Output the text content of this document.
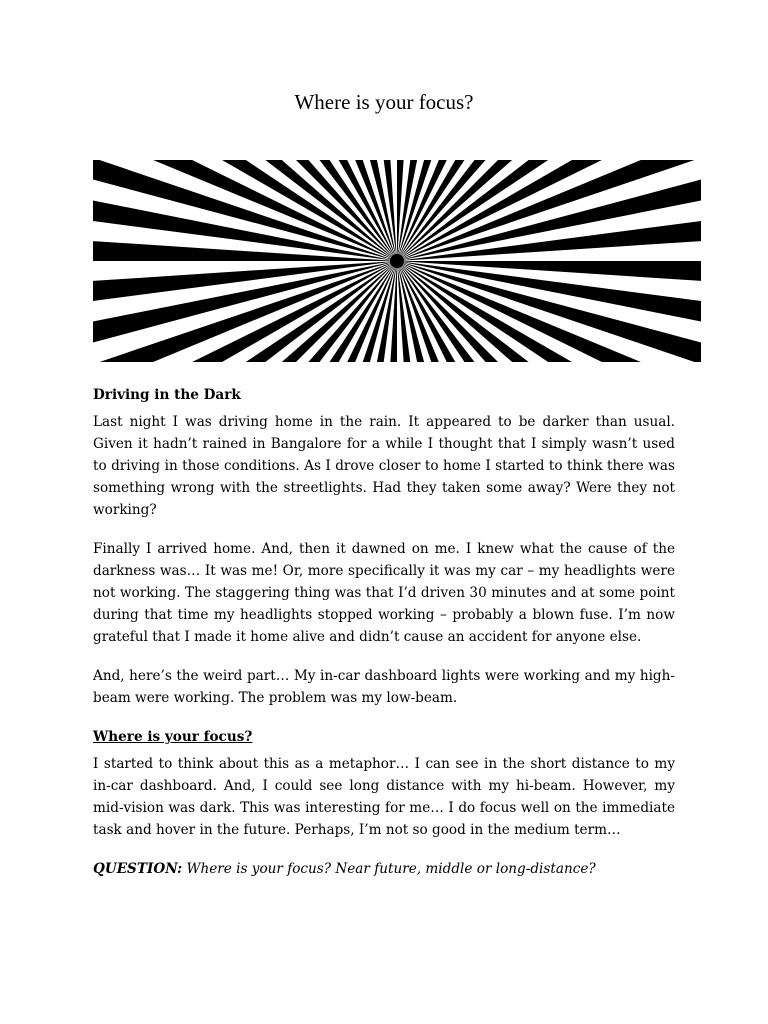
Where is your focus?
Driving in the Dark

Last night I was driving home in the rain. It appeared to be darker than usual. Given it hadn’t rained in Bangalore for a while I thought that I simply wasn’t used to driving in those conditions. As I drove closer to home I started to think there was something wrong with the streetlights. Had they taken some away? Were they not working?

Finally I arrived home. And, then it dawned on me. I knew what the cause of the darkness was… It was me! Or, more specifically it was my car – my headlights were not working. The staggering thing was that I’d driven 30 minutes and at some point during that time my headlights stopped working – probably a blown fuse. I’m now grateful that I made it home alive and didn’t cause an accident for anyone else.

And, here’s the weird part… My in-car dashboard lights were working and my high-beam were working. The problem was my low-beam.

Where is your focus?

I started to think about this as a metaphor… I can see in the short distance to my in-car dashboard. And, I could see long distance with my hi-beam. However, my mid-vision was dark. This was interesting for me… I do focus well on the immediate task and hover in the future. Perhaps, I’m not so good in the medium term…

QUESTION: Where is your focus? Near future, middle or long-distance?
